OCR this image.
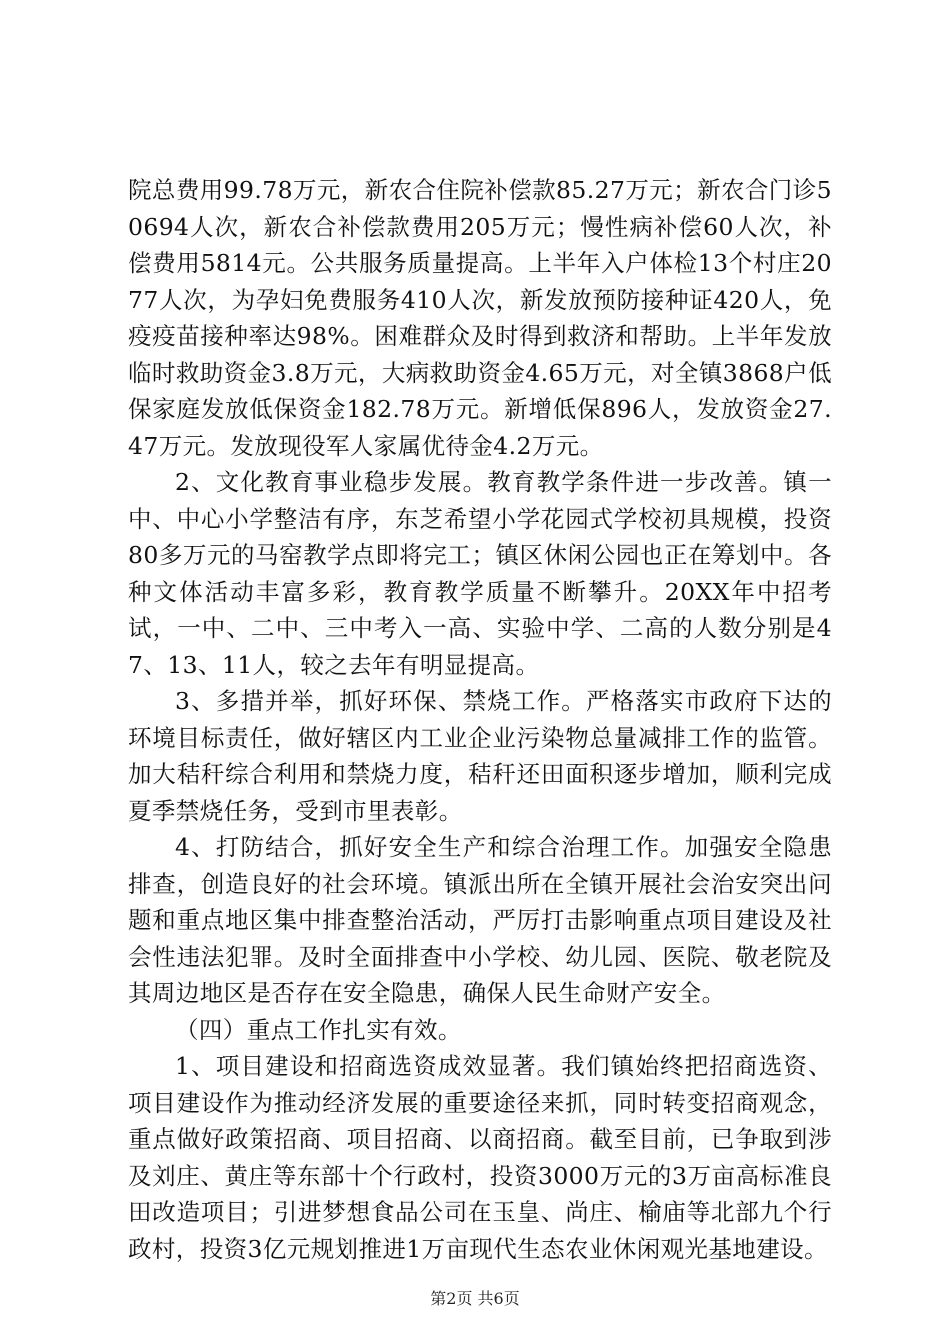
院总费用99.78万元，新农合住院补偿款85.27万元；新农合门诊50694人次，新农合补偿款费用205万元；慢性病补偿60人次，补偿费用5814元。公共服务质量提高。上半年入户体检13个村庄2077人次，为孕妇免费服务410人次，新发放预防接种证420人，免疫疫苗接种率达98%。困难群众及时得到救济和帮助。上半年发放临时救助资金3.8万元，大病救助资金4.65万元，对全镇3868户低保家庭发放低保资金182.78万元。新增低保896人，发放资金27.47万元。发放现役军人家属优待金4.2万元。

2、文化教育事业稳步发展。教育教学条件进一步改善。镇一中、中心小学整洁有序，东芝希望小学花园式学校初具规模，投资80多万元的马窑教学点即将完工；镇区休闲公园也正在筹划中。各种文体活动丰富多彩，教育教学质量不断攀升。20XX年中招考试，一中、二中、三中考入一高、实验中学、二高的人数分别是47、13、11人，较之去年有明显提高。

3、多措并举，抓好环保、禁烧工作。严格落实市政府下达的环境目标责任，做好辖区内工业企业污染物总量减排工作的监管。加大秸秆综合利用和禁烧力度，秸秆还田面积逐步增加，顺利完成夏季禁烧任务，受到市里表彰。

4、打防结合，抓好安全生产和综合治理工作。加强安全隐患排查，创造良好的社会环境。镇派出所在全镇开展社会治安突出问题和重点地区集中排查整治活动，严厉打击影响重点项目建设及社会性违法犯罪。及时全面排查中小学校、幼儿园、医院、敬老院及其周边地区是否存在安全隐患，确保人民生命财产安全。

（四）重点工作扎实有效。

1、项目建设和招商选资成效显著。我们镇始终把招商选资、项目建设作为推动经济发展的重要途径来抓，同时转变招商观念，重点做好政策招商、项目招商、以商招商。截至目前，已争取到涉及刘庄、黄庄等东部十个行政村，投资3000万元的3万亩高标准良田改造项目；引进梦想食品公司在玉皇、尚庄、榆庙等北部九个行政村，投资3亿元规划推进1万亩现代生态农业休闲观光基地建设。

第2页 共6页
